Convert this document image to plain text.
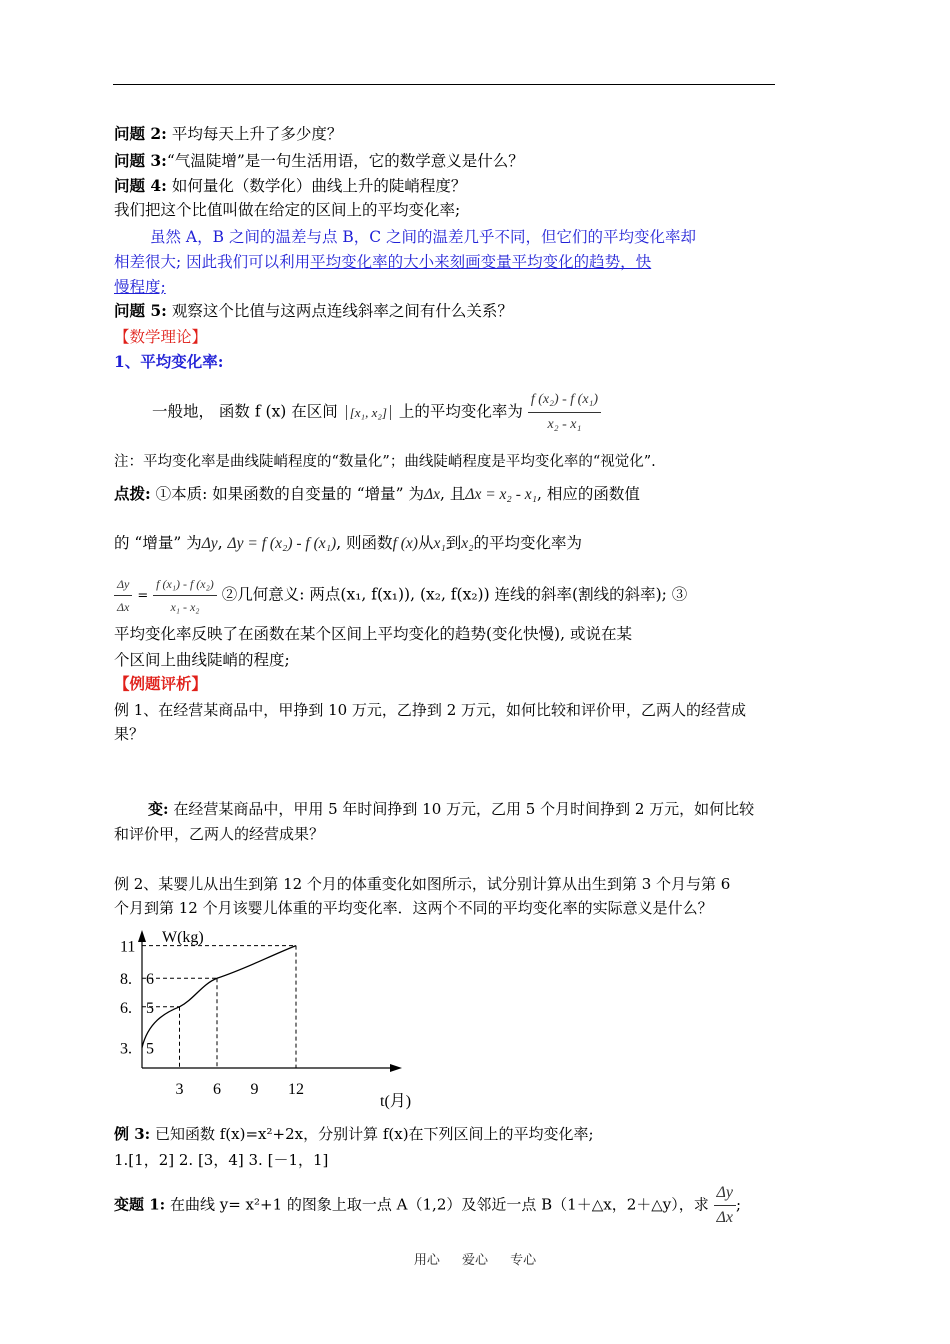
问题 2: 平均每天上升了多少度？
问题 3:“气温陡增”是一句生活用语，它的数学意义是什么？
问题 4: 如何量化（数学化）曲线上升的陡峭程度？
我们把这个比值叫做在给定的区间上的平均变化率;
虽然 A，B 之间的温差与点 B，C 之间的温差几乎不同，但它们的平均变化率却
相差很大; 因此我们可以利用平均变化率的大小来刻画变量平均变化的趋势，快
慢程度;
问题 5: 观察这个比值与这两点连线斜率之间有什么关系？
【数学理论】
1、平均变化率:
一般地， 函数 f (x) 在区间 [x₁, x₂] 上的平均变化率为 $\frac{\text{f (x₂) - f (x₁)}}{\text{x₂ - x₁}}$
注：平均变化率是曲线陡峭程度的“数量化”；曲线陡峭程度是平均变化率的“视觉化”.
点拨: ①本质: 如果函数的自变量的 “增量” 为Δx, 且Δx = x₂ - x₁, 相应的函数值
的 “增量” 为Δy, Δy = f (x₂) - f (x₁), 则函数f (x)从x₁到x₂的平均变化率为
$\frac{\Delta y}{\Delta x} = \frac{\text{f (x₁) - f (x₂)}}{\text{x₁ - x₂}}$ ②几何意义: 两点(x₁, f(x₁)), (x₂, f(x₂)) 连线的斜率(割线的斜率); ③
平均变化率反映了在函数在某个区间上平均变化的趋势(变化快慢), 或说在某
个区间上曲线陡峭的程度;
【例题评析】
例 1、在经营某商品中，甲挣到 10 万元，乙挣到 2 万元，如何比较和评价甲，乙两人的经营成
果？
变: 在经营某商品中，甲用 5 年时间挣到 10 万元，乙用 5 个月时间挣到 2 万元，如何比较
和评价甲，乙两人的经营成果？
例 2、某婴儿从出生到第 12 个月的体重变化如图所示，试分别计算从出生到第 3 个月与第 6
个月到第 12 个月该婴儿体重的平均变化率．这两个不同的平均变化率的实际意义是什么？
W(kg)
t(月)
3 6 9 12
11
8.
6.
3.
6
5
5
例 3: 已知函数 f(x)=x²+2x，分别计算 f(x)在下列区间上的平均变化率;
1.[1，2] 2. [3，4] 3. [－1，1]
变题 1: 在曲线 y= x²+1 的图象上取一点 A（1,2）及邻近一点 B（1＋△x，2＋△y），求 $\frac{\Delta y}{\Delta x}$ ;
用心 爱心 专心
